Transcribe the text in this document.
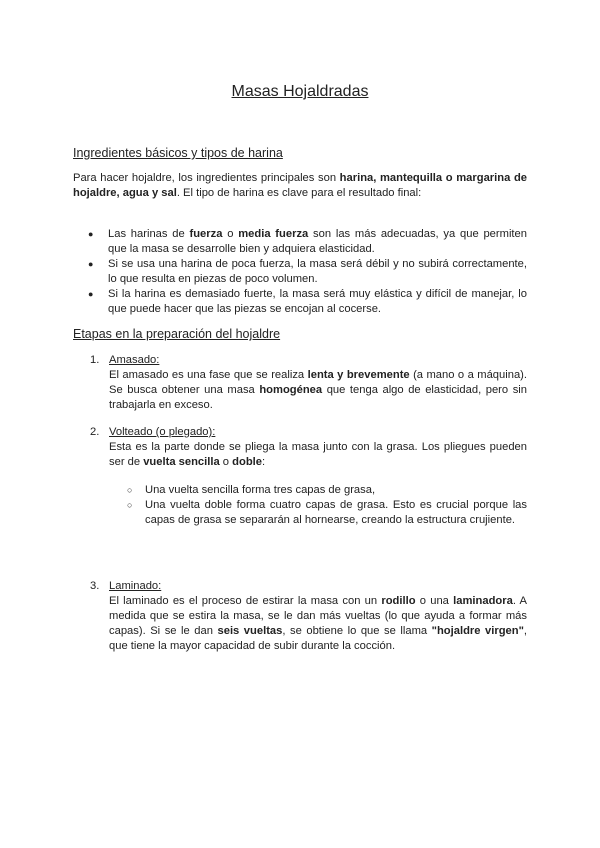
Masas Hojaldradas
Ingredientes básicos y tipos de harina
Para hacer hojaldre, los ingredientes principales son harina, mantequilla o margarina de hojaldre, agua y sal. El tipo de harina es clave para el resultado final:
● Las harinas de fuerza o media fuerza son las más adecuadas, ya que permiten que la masa se desarrolle bien y adquiera elasticidad.
● Si se usa una harina de poca fuerza, la masa será débil y no subirá correctamente, lo que resulta en piezas de poco volumen.
● Si la harina es demasiado fuerte, la masa será muy elástica y difícil de manejar, lo que puede hacer que las piezas se encojan al cocerse.
Etapas en la preparación del hojaldre
1. Amasado:
El amasado es una fase que se realiza lenta y brevemente (a mano o a máquina). Se busca obtener una masa homogénea que tenga algo de elasticidad, pero sin trabajarla en exceso.
2. Volteado (o plegado):
Esta es la parte donde se pliega la masa junto con la grasa. Los pliegues pueden ser de vuelta sencilla o doble:
○ Una vuelta sencilla forma tres capas de grasa,
○ Una vuelta doble forma cuatro capas de grasa. Esto es crucial porque las capas de grasa se separarán al hornearse, creando la estructura crujiente.
3. Laminado:
El laminado es el proceso de estirar la masa con un rodillo o una laminadora. A medida que se estira la masa, se le dan más vueltas (lo que ayuda a formar más capas). Si se le dan seis vueltas, se obtiene lo que se llama "hojaldre virgen", que tiene la mayor capacidad de subir durante la cocción.
